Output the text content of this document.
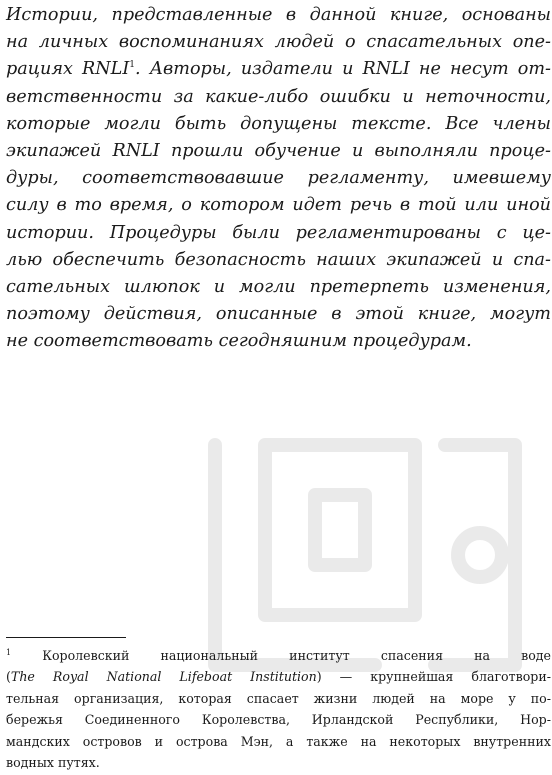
Истории, представленные в данной книге, основаны
на личных воспоминаниях людей о спасательных опе-
рациях RNLI$^1$. Авторы, издатели и RNLI не несут от-
ветственности за какие-либо ошибки и неточности,
которые могли быть допущены тексте. Все члены
экипажей RNLI прошли обучение и выполняли проце-
дуры, соответствовавшие регламенту, имевшему
силу в то время, о котором идет речь в той или иной
истории. Процедуры были регламентированы с це-
лью обеспечить безопасность наших экипажей и спа-
сательных шлюпок и могли претерпеть изменения,
поэтому действия, описанные в этой книге, могут
не соответствовать сегодняшним процедурам.
$^1$ Королевский национальный институт спасения на воде
(The Royal National Lifeboat Institution) — крупнейшая благотвори-
тельная организация, которая спасает жизни людей на море у по-
бережья Соединенного Королевства, Ирландской Республики, Нор-
мандских островов и острова Мэн, а также на некоторых внутренних
водных путях.
